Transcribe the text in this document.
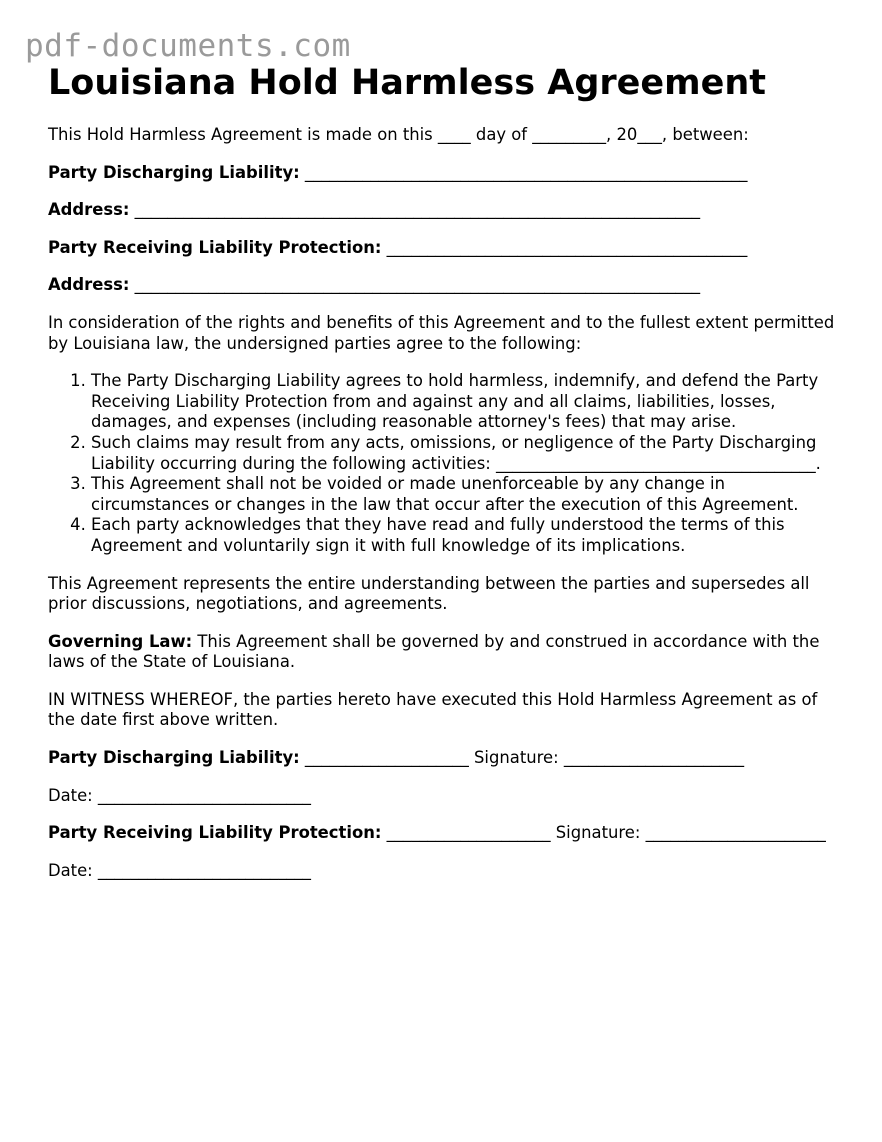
pdf-documents.com
Louisiana Hold Harmless Agreement

This Hold Harmless Agreement is made on this ____ day of _________, 20___, between:

Party Discharging Liability: ______________________________________________________

Address: _____________________________________________________________________

Party Receiving Liability Protection: ____________________________________________

Address: _____________________________________________________________________

In consideration of the rights and benefits of this Agreement and to the fullest extent permitted by Louisiana law, the undersigned parties agree to the following:

1. The Party Discharging Liability agrees to hold harmless, indemnify, and defend the Party Receiving Liability Protection from and against any and all claims, liabilities, losses, damages, and expenses (including reasonable attorney's fees) that may arise.
2. Such claims may result from any acts, omissions, or negligence of the Party Discharging Liability occurring during the following activities: _______________________________________.
3. This Agreement shall not be voided or made unenforceable by any change in circumstances or changes in the law that occur after the execution of this Agreement.
4. Each party acknowledges that they have read and fully understood the terms of this Agreement and voluntarily sign it with full knowledge of its implications.

This Agreement represents the entire understanding between the parties and supersedes all prior discussions, negotiations, and agreements.

Governing Law: This Agreement shall be governed by and construed in accordance with the laws of the State of Louisiana.

IN WITNESS WHEREOF, the parties hereto have executed this Hold Harmless Agreement as of the date first above written.

Party Discharging Liability: ____________________ Signature: ______________________

Date: __________________________

Party Receiving Liability Protection: ____________________ Signature: ______________________

Date: __________________________
